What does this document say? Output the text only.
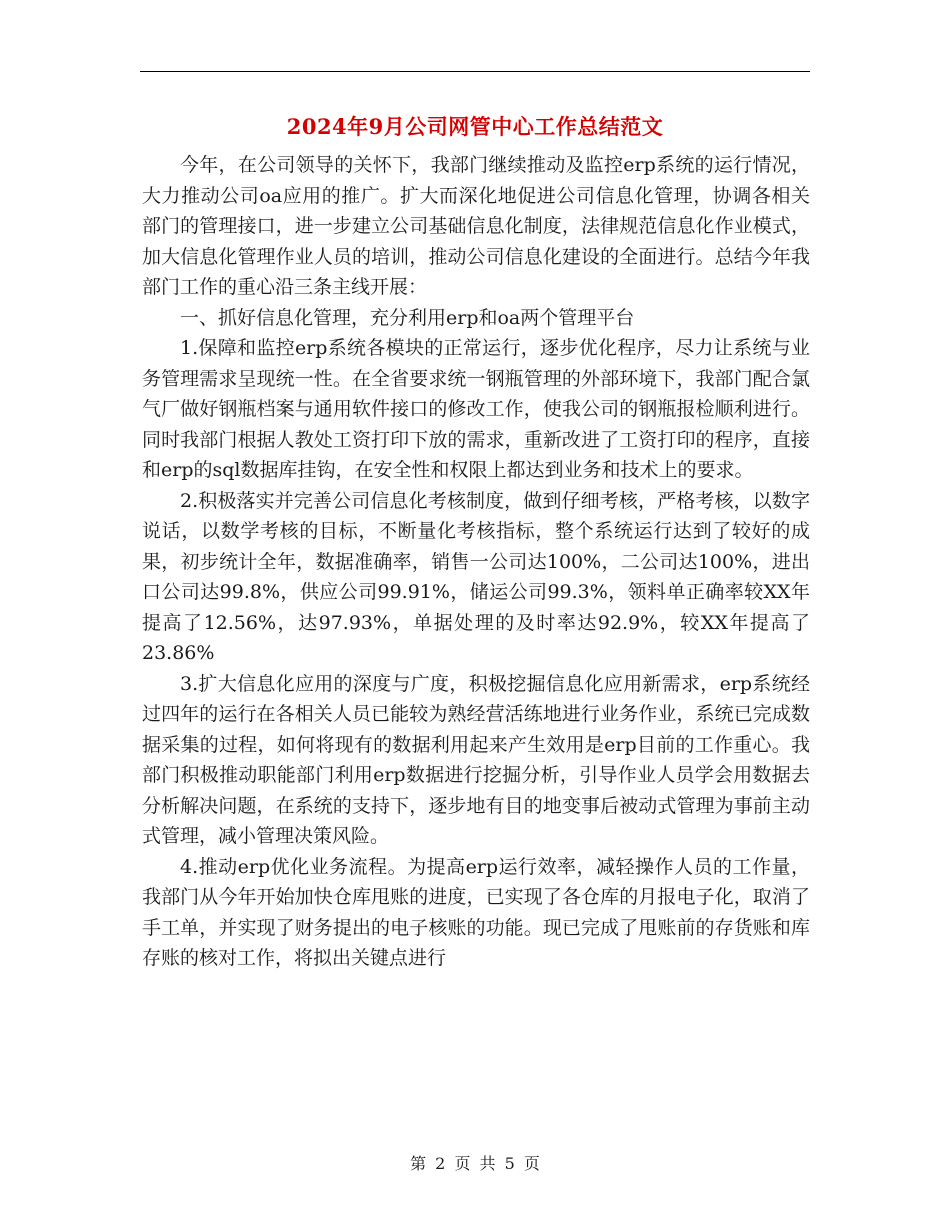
2024年9月公司网管中心工作总结范文

今年，在公司领导的关怀下，我部门继续推动及监控erp系统的运行情况，大力推动公司oa应用的推广。扩大而深化地促进公司信息化管理，协调各相关部门的管理接口，进一步建立公司基础信息化制度，法律规范信息化作业模式，加大信息化管理作业人员的培训，推动公司信息化建设的全面进行。总结今年我部门工作的重心沿三条主线开展：

一、抓好信息化管理，充分利用erp和oa两个管理平台

1.保障和监控erp系统各模块的正常运行，逐步优化程序，尽力让系统与业务管理需求呈现统一性。在全省要求统一钢瓶管理的外部环境下，我部门配合氯气厂做好钢瓶档案与通用软件接口的修改工作，使我公司的钢瓶报检顺利进行。同时我部门根据人教处工资打印下放的需求，重新改进了工资打印的程序，直接和erp的sql数据库挂钩，在安全性和权限上都达到业务和技术上的要求。

2.积极落实并完善公司信息化考核制度，做到仔细考核，严格考核，以数字说话，以数学考核的目标，不断量化考核指标，整个系统运行达到了较好的成果，初步统计全年，数据准确率，销售一公司达100%，二公司达100%，进出口公司达99.8%，供应公司99.91%，储运公司99.3%，领料单正确率较XX年提高了12.56%，达97.93%，单据处理的及时率达92.9%，较XX年提高了23.86%

3.扩大信息化应用的深度与广度，积极挖掘信息化应用新需求，erp系统经过四年的运行在各相关人员已能较为熟经营活练地进行业务作业，系统已完成数据采集的过程，如何将现有的数据利用起来产生效用是erp目前的工作重心。我部门积极推动职能部门利用erp数据进行挖掘分析，引导作业人员学会用数据去分析解决问题，在系统的支持下，逐步地有目的地变事后被动式管理为事前主动式管理，减小管理决策风险。

4.推动erp优化业务流程。为提高erp运行效率，减轻操作人员的工作量，我部门从今年开始加快仓库甩账的进度，已实现了各仓库的月报电子化，取消了手工单，并实现了财务提出的电子核账的功能。现已完成了甩账前的存货账和库存账的核对工作，将拟出关键点进行

第 2 页 共 5 页
